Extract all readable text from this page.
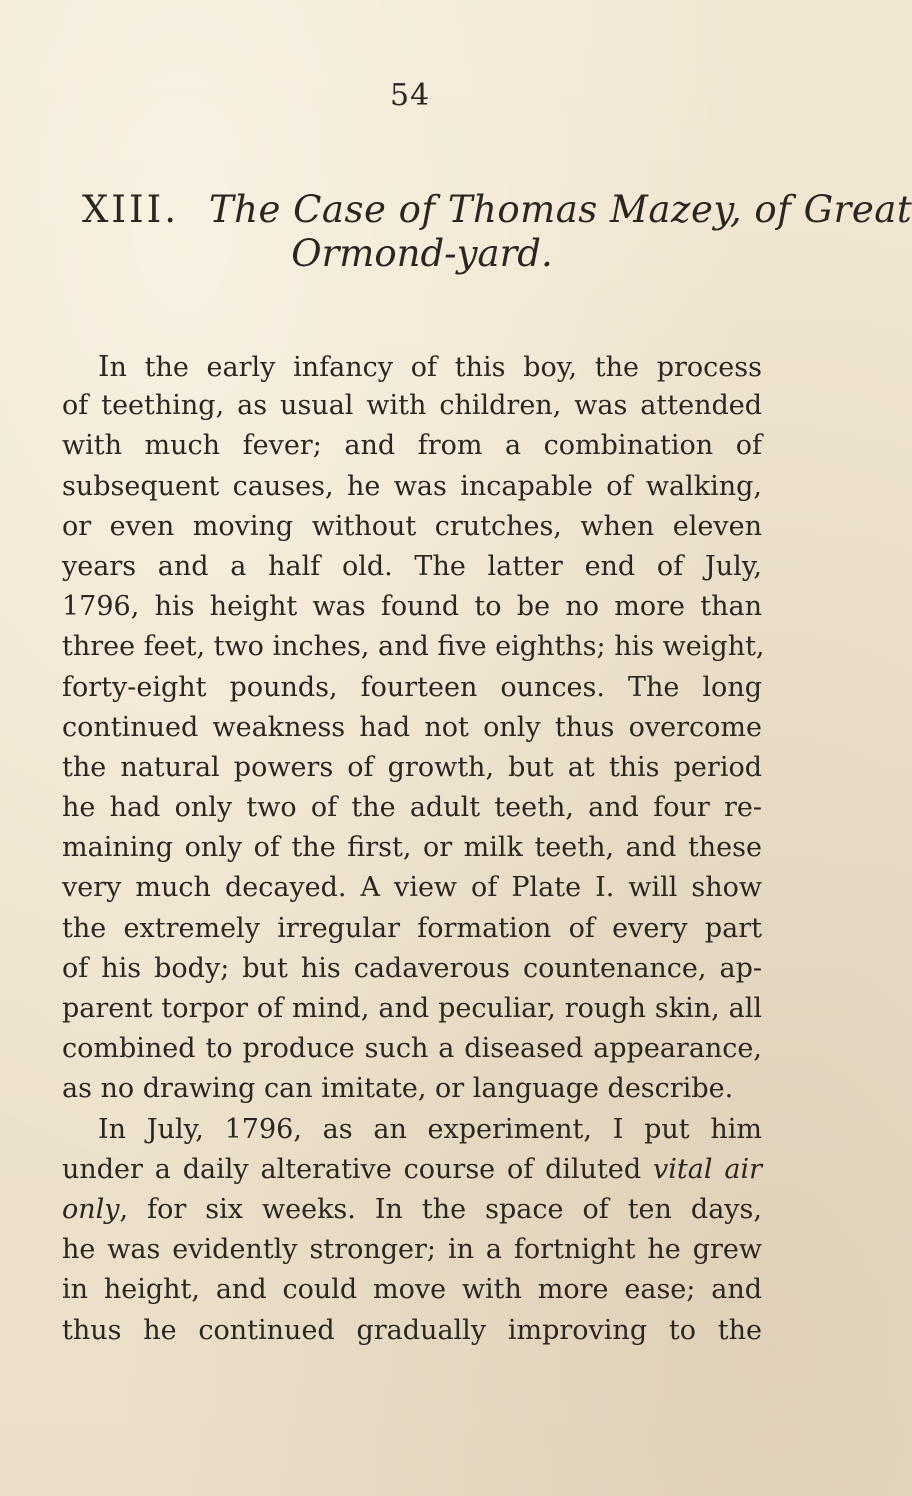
54
XIII. The Case of Thomas Mazey, of Great
Ormond-yard.
In the early infancy of this boy, the process
of teething, as usual with children, was attended
with much fever; and from a combination of
subsequent causes, he was incapable of walking,
or even moving without crutches, when eleven
years and a half old. The latter end of July,
1796, his height was found to be no more than
three feet, two inches, and five eighths; his weight,
forty-eight pounds, fourteen ounces. The long
continued weakness had not only thus overcome
the natural powers of growth, but at this period
he had only two of the adult teeth, and four re-
maining only of the first, or milk teeth, and these
very much decayed. A view of Plate I. will show
the extremely irregular formation of every part
of his body; but his cadaverous countenance, ap-
parent torpor of mind, and peculiar, rough skin, all
combined to produce such a diseased appearance,
as no drawing can imitate, or language describe.
In July, 1796, as an experiment, I put him
under a daily alterative course of diluted vital air
only, for six weeks. In the space of ten days,
he was evidently stronger; in a fortnight he grew
in height, and could move with more ease; and
thus he continued gradually improving to the
